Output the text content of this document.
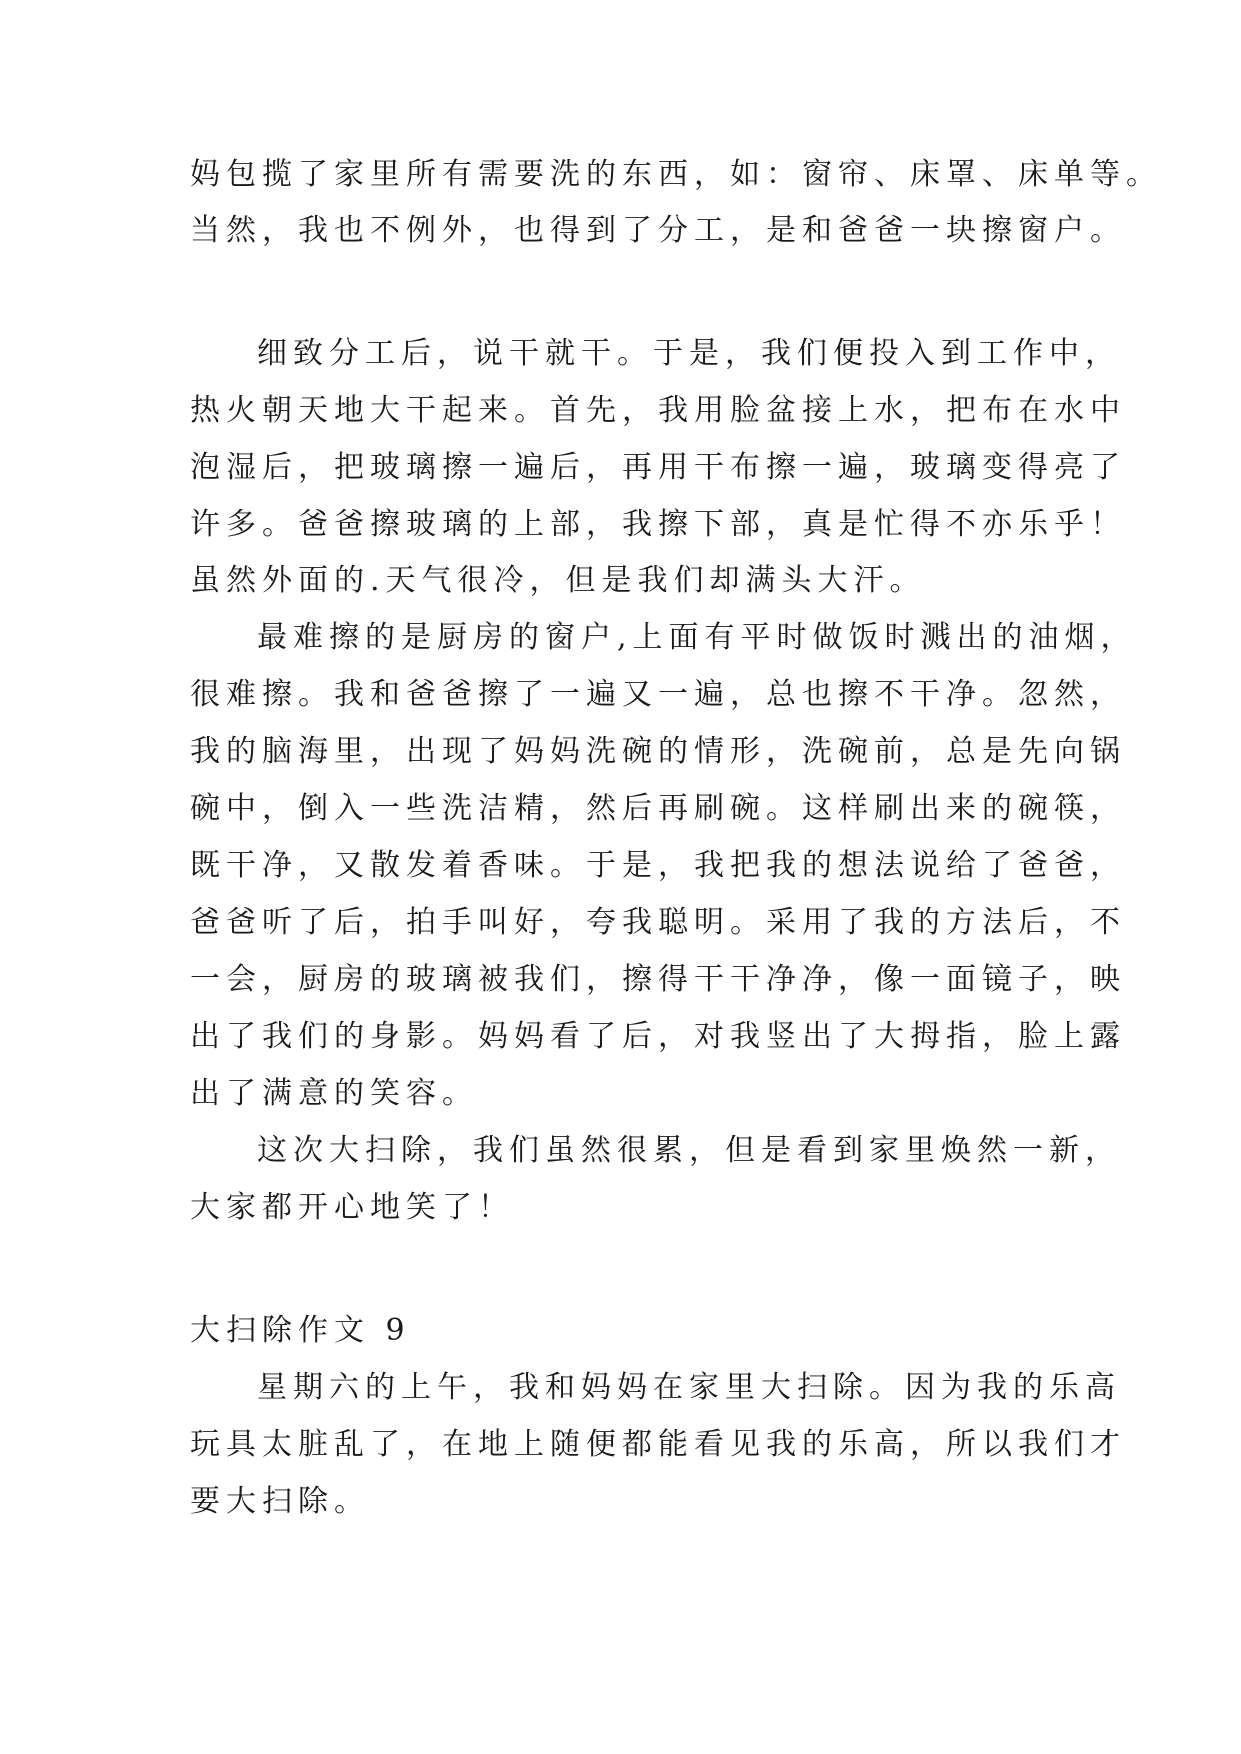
妈包揽了家里所有需要洗的东西，如：窗帘、床罩、床单等。
当然，我也不例外，也得到了分工，是和爸爸一块擦窗户。
细致分工后，说干就干。于是，我们便投入到工作中，
热火朝天地大干起来。首先，我用脸盆接上水，把布在水中
泡湿后，把玻璃擦一遍后，再用干布擦一遍，玻璃变得亮了
许多。爸爸擦玻璃的上部，我擦下部，真是忙得不亦乐乎！
虽然外面的.天气很冷，但是我们却满头大汗。
最难擦的是厨房的窗户,上面有平时做饭时溅出的油烟，
很难擦。我和爸爸擦了一遍又一遍，总也擦不干净。忽然，
我的脑海里，出现了妈妈洗碗的情形，洗碗前，总是先向锅
碗中，倒入一些洗洁精，然后再刷碗。这样刷出来的碗筷，
既干净，又散发着香味。于是，我把我的想法说给了爸爸，
爸爸听了后，拍手叫好，夸我聪明。采用了我的方法后，不
一会，厨房的玻璃被我们，擦得干干净净，像一面镜子，映
出了我们的身影。妈妈看了后，对我竖出了大拇指，脸上露
出了满意的笑容。
这次大扫除，我们虽然很累，但是看到家里焕然一新，
大家都开心地笑了！
大扫除作文 9
星期六的上午，我和妈妈在家里大扫除。因为我的乐高
玩具太脏乱了，在地上随便都能看见我的乐高，所以我们才
要大扫除。
